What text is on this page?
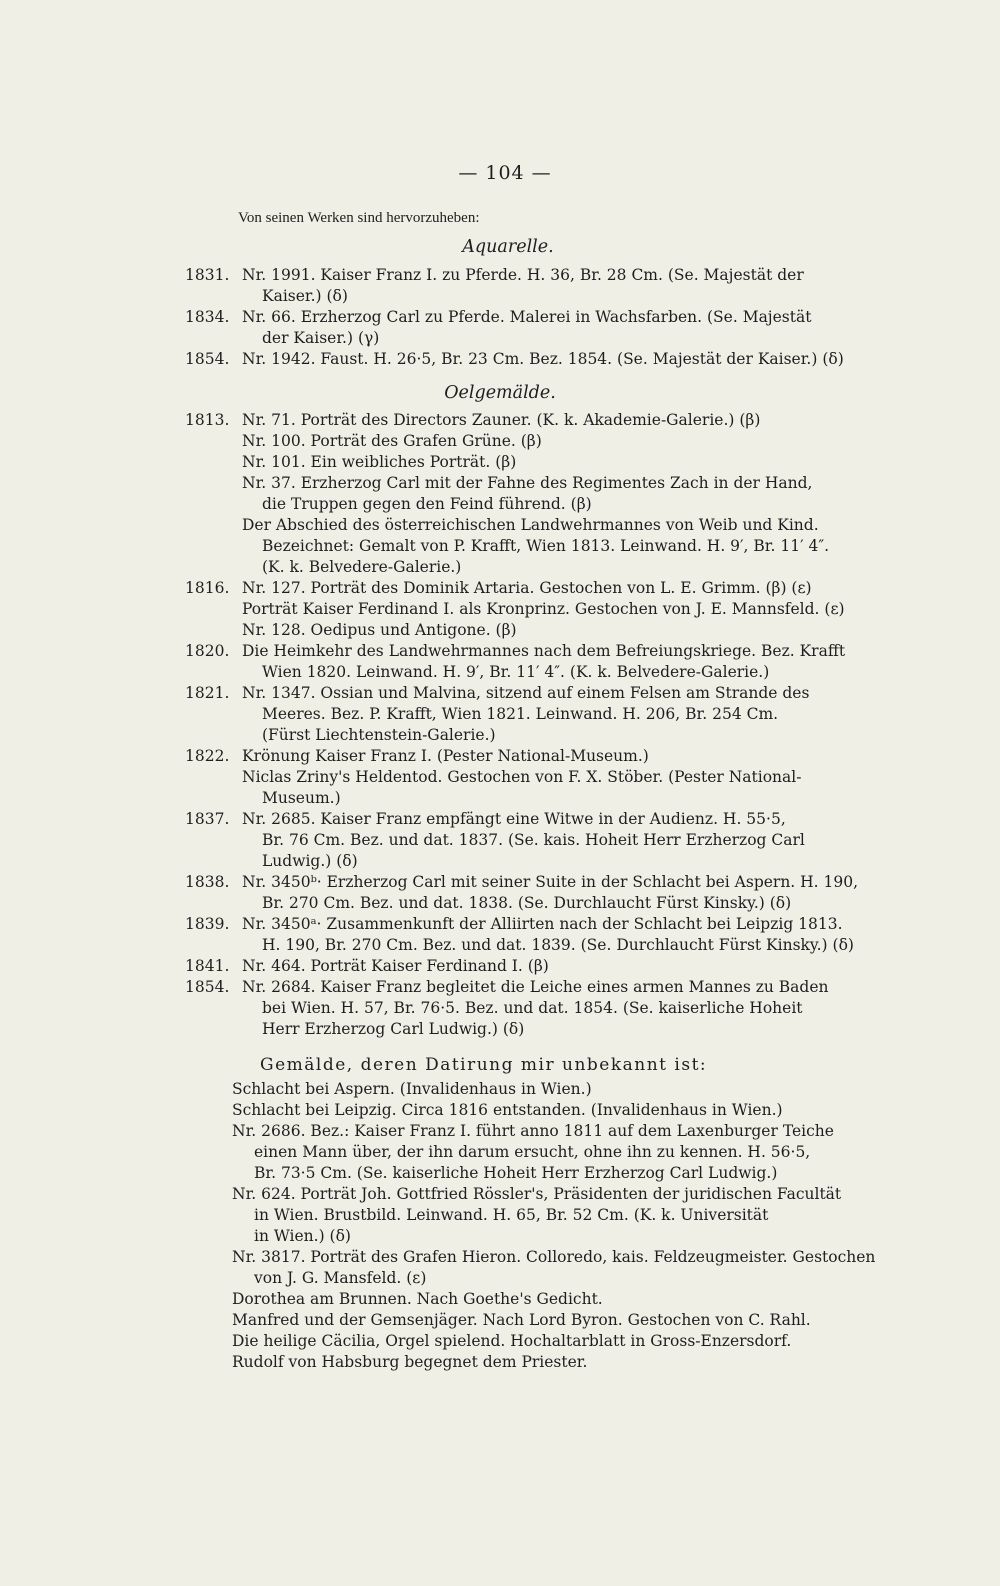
— 104 —
Von seinen Werken sind hervorzuheben:
Aquarelle.
1831. Nr. 1991. Kaiser Franz I. zu Pferde. H. 36, Br. 28 Cm. (Se. Majestät der
Kaiser.) (δ)
1834. Nr. 66. Erzherzog Carl zu Pferde. Malerei in Wachsfarben. (Se. Majestät
der Kaiser.) (γ)
1854. Nr. 1942. Faust. H. 26·5, Br. 23 Cm. Bez. 1854. (Se. Majestät der Kaiser.) (δ)
Oelgemälde.
1813. Nr. 71. Porträt des Directors Zauner. (K. k. Akademie-Galerie.) (β)
Nr. 100. Porträt des Grafen Grüne. (β)
Nr. 101. Ein weibliches Porträt. (β)
Nr. 37. Erzherzog Carl mit der Fahne des Regimentes Zach in der Hand,
die Truppen gegen den Feind führend. (β)
Der Abschied des österreichischen Landwehrmannes von Weib und Kind.
Bezeichnet: Gemalt von P. Krafft, Wien 1813. Leinwand. H. 9′, Br. 11′ 4″.
(K. k. Belvedere-Galerie.)
1816. Nr. 127. Porträt des Dominik Artaria. Gestochen von L. E. Grimm. (β) (ε)
Porträt Kaiser Ferdinand I. als Kronprinz. Gestochen von J. E. Mannsfeld. (ε)
Nr. 128. Oedipus und Antigone. (β)
1820. Die Heimkehr des Landwehrmannes nach dem Befreiungskriege. Bez. Krafft
Wien 1820. Leinwand. H. 9′, Br. 11′ 4″. (K. k. Belvedere-Galerie.)
1821. Nr. 1347. Ossian und Malvina, sitzend auf einem Felsen am Strande des
Meeres. Bez. P. Krafft, Wien 1821. Leinwand. H. 206, Br. 254 Cm.
(Fürst Liechtenstein-Galerie.)
1822. Krönung Kaiser Franz I. (Pester National-Museum.)
Niclas Zriny's Heldentod. Gestochen von F. X. Stöber. (Pester National-
Museum.)
1837. Nr. 2685. Kaiser Franz empfängt eine Witwe in der Audienz. H. 55·5,
Br. 76 Cm. Bez. und dat. 1837. (Se. kais. Hoheit Herr Erzherzog Carl
Ludwig.) (δ)
1838. Nr. 3450ᵇ· Erzherzog Carl mit seiner Suite in der Schlacht bei Aspern. H. 190,
Br. 270 Cm. Bez. und dat. 1838. (Se. Durchlaucht Fürst Kinsky.) (δ)
1839. Nr. 3450ᵃ· Zusammenkunft der Alliirten nach der Schlacht bei Leipzig 1813.
H. 190, Br. 270 Cm. Bez. und dat. 1839. (Se. Durchlaucht Fürst Kinsky.) (δ)
1841. Nr. 464. Porträt Kaiser Ferdinand I. (β)
1854. Nr. 2684. Kaiser Franz begleitet die Leiche eines armen Mannes zu Baden
bei Wien. H. 57, Br. 76·5. Bez. und dat. 1854. (Se. kaiserliche Hoheit
Herr Erzherzog Carl Ludwig.) (δ)
Gemälde, deren Datirung mir unbekannt ist:
Schlacht bei Aspern. (Invalidenhaus in Wien.)
Schlacht bei Leipzig. Circa 1816 entstanden. (Invalidenhaus in Wien.)
Nr. 2686. Bez.: Kaiser Franz I. führt anno 1811 auf dem Laxenburger Teiche
einen Mann über, der ihn darum ersucht, ohne ihn zu kennen. H. 56·5,
Br. 73·5 Cm. (Se. kaiserliche Hoheit Herr Erzherzog Carl Ludwig.)
Nr. 624. Porträt Joh. Gottfried Rössler's, Präsidenten der juridischen Facultät
in Wien. Brustbild. Leinwand. H. 65, Br. 52 Cm. (K. k. Universität
in Wien.) (δ)
Nr. 3817. Porträt des Grafen Hieron. Colloredo, kais. Feldzeugmeister. Gestochen
von J. G. Mansfeld. (ε)
Dorothea am Brunnen. Nach Goethe's Gedicht.
Manfred und der Gemsenjäger. Nach Lord Byron. Gestochen von C. Rahl.
Die heilige Cäcilia, Orgel spielend. Hochaltarblatt in Gross-Enzersdorf.
Rudolf von Habsburg begegnet dem Priester.
